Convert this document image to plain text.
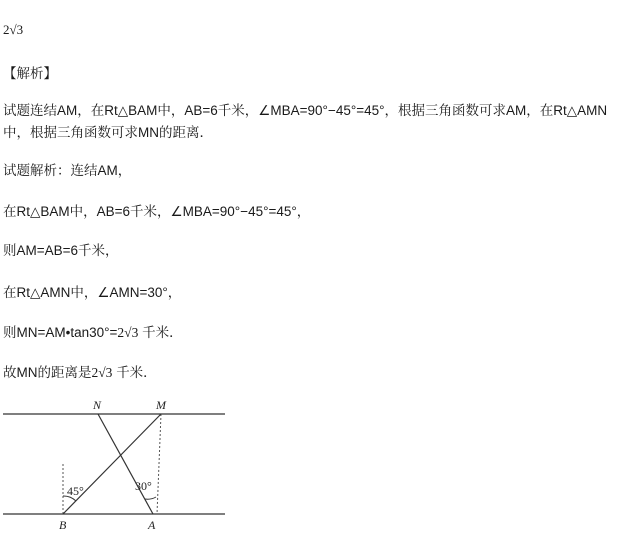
2√3
【解析】
试题连结AM，在Rt△BAM中，AB=6千米，∠MBA=90°−45°=45°，根据三角函数可求AM，在Rt△AMN
中，根据三角函数可求MN的距离．
试题解析：连结AM，
在Rt△BAM中，AB=6千米，∠MBA=90°−45°=45°，
则AM=AB=6千米，
在Rt△AMN中，∠AMN=30°，
则MN=AM•tan30°=2√3 千米．
故MN的距离是2√3 千米．
N	M
B	A
45°	30°
